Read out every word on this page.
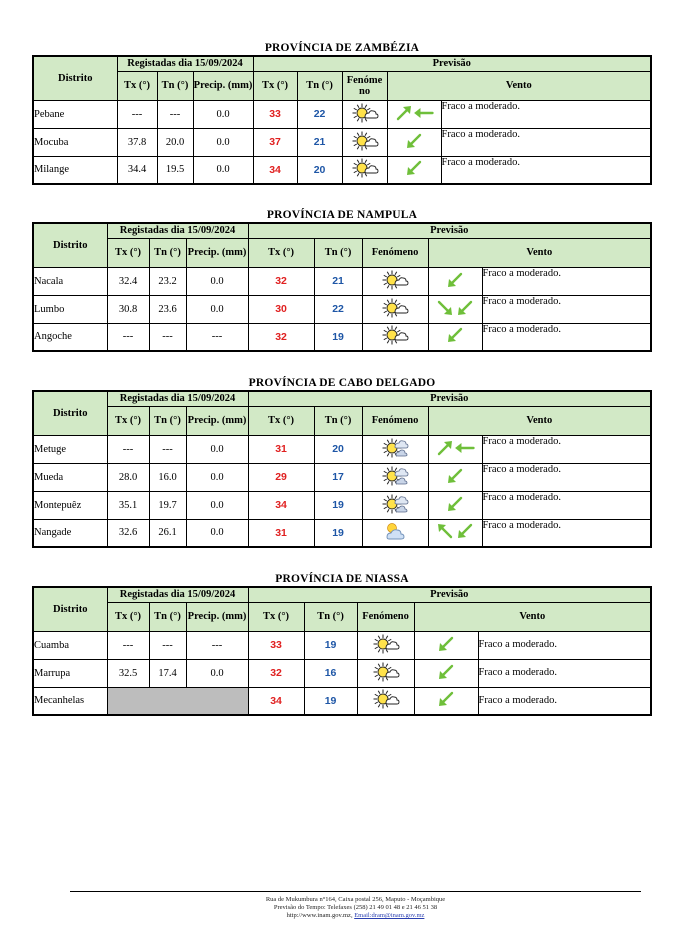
PROVÍNCIA DE ZAMBÉZIA
Distrito	Registadas dia 15/09/2024			Previsão				
	Tx (°)	Tn (°)	Precip. (mm)	Tx (°)	Tn (°)	Fenóme no	Vento	
Pebane	---	---	0.0	33	22			Fraco a moderado.
Mocuba	37.8	20.0	0.0	37	21			Fraco a moderado.
Milange	34.4	19.5	0.0	34	20			Fraco a moderado.
PROVÍNCIA DE NAMPULA
Distrito	Registadas dia 15/09/2024			Previsão				
	Tx (°)	Tn (°)	Precip. (mm)	Tx (°)	Tn (°)	Fenómeno	Vento	
Nacala	32.4	23.2	0.0	32	21			Fraco a moderado.
Lumbo	30.8	23.6	0.0	30	22			Fraco a moderado.
Angoche	---	---	---	32	19			Fraco a moderado.
PROVÍNCIA DE CABO DELGADO
Distrito	Registadas dia 15/09/2024			Previsão				
	Tx (°)	Tn (°)	Precip. (mm)	Tx (°)	Tn (°)	Fenómeno	Vento	
Metuge	---	---	0.0	31	20			Fraco a moderado.
Mueda	28.0	16.0	0.0	29	17			Fraco a moderado.
Montepuêz	35.1	19.7	0.0	34	19			Fraco a moderado.
Nangade	32.6	26.1	0.0	31	19			Fraco a moderado.
PROVÍNCIA DE NIASSA
Distrito	Registadas dia 15/09/2024			Previsão				
	Tx (°)	Tn (°)	Precip. (mm)	Tx (°)	Tn (°)	Fenómeno	Vento	
Cuamba	---	---	---	33	19			Fraco a moderado.
Marrupa	32.5	17.4	0.0	32	16			Fraco a moderado.
Mecanhelas				34	19			Fraco a moderado.
Rua de Mukumbura n°164, Caixa postal 256, Maputo - Moçambique
Previsão do Tempo: Telefaxes (258) 21 49 01 48 e 21 46 51 38
http://www.inam.gov.mz, Email:dram@inam.gov.mz
